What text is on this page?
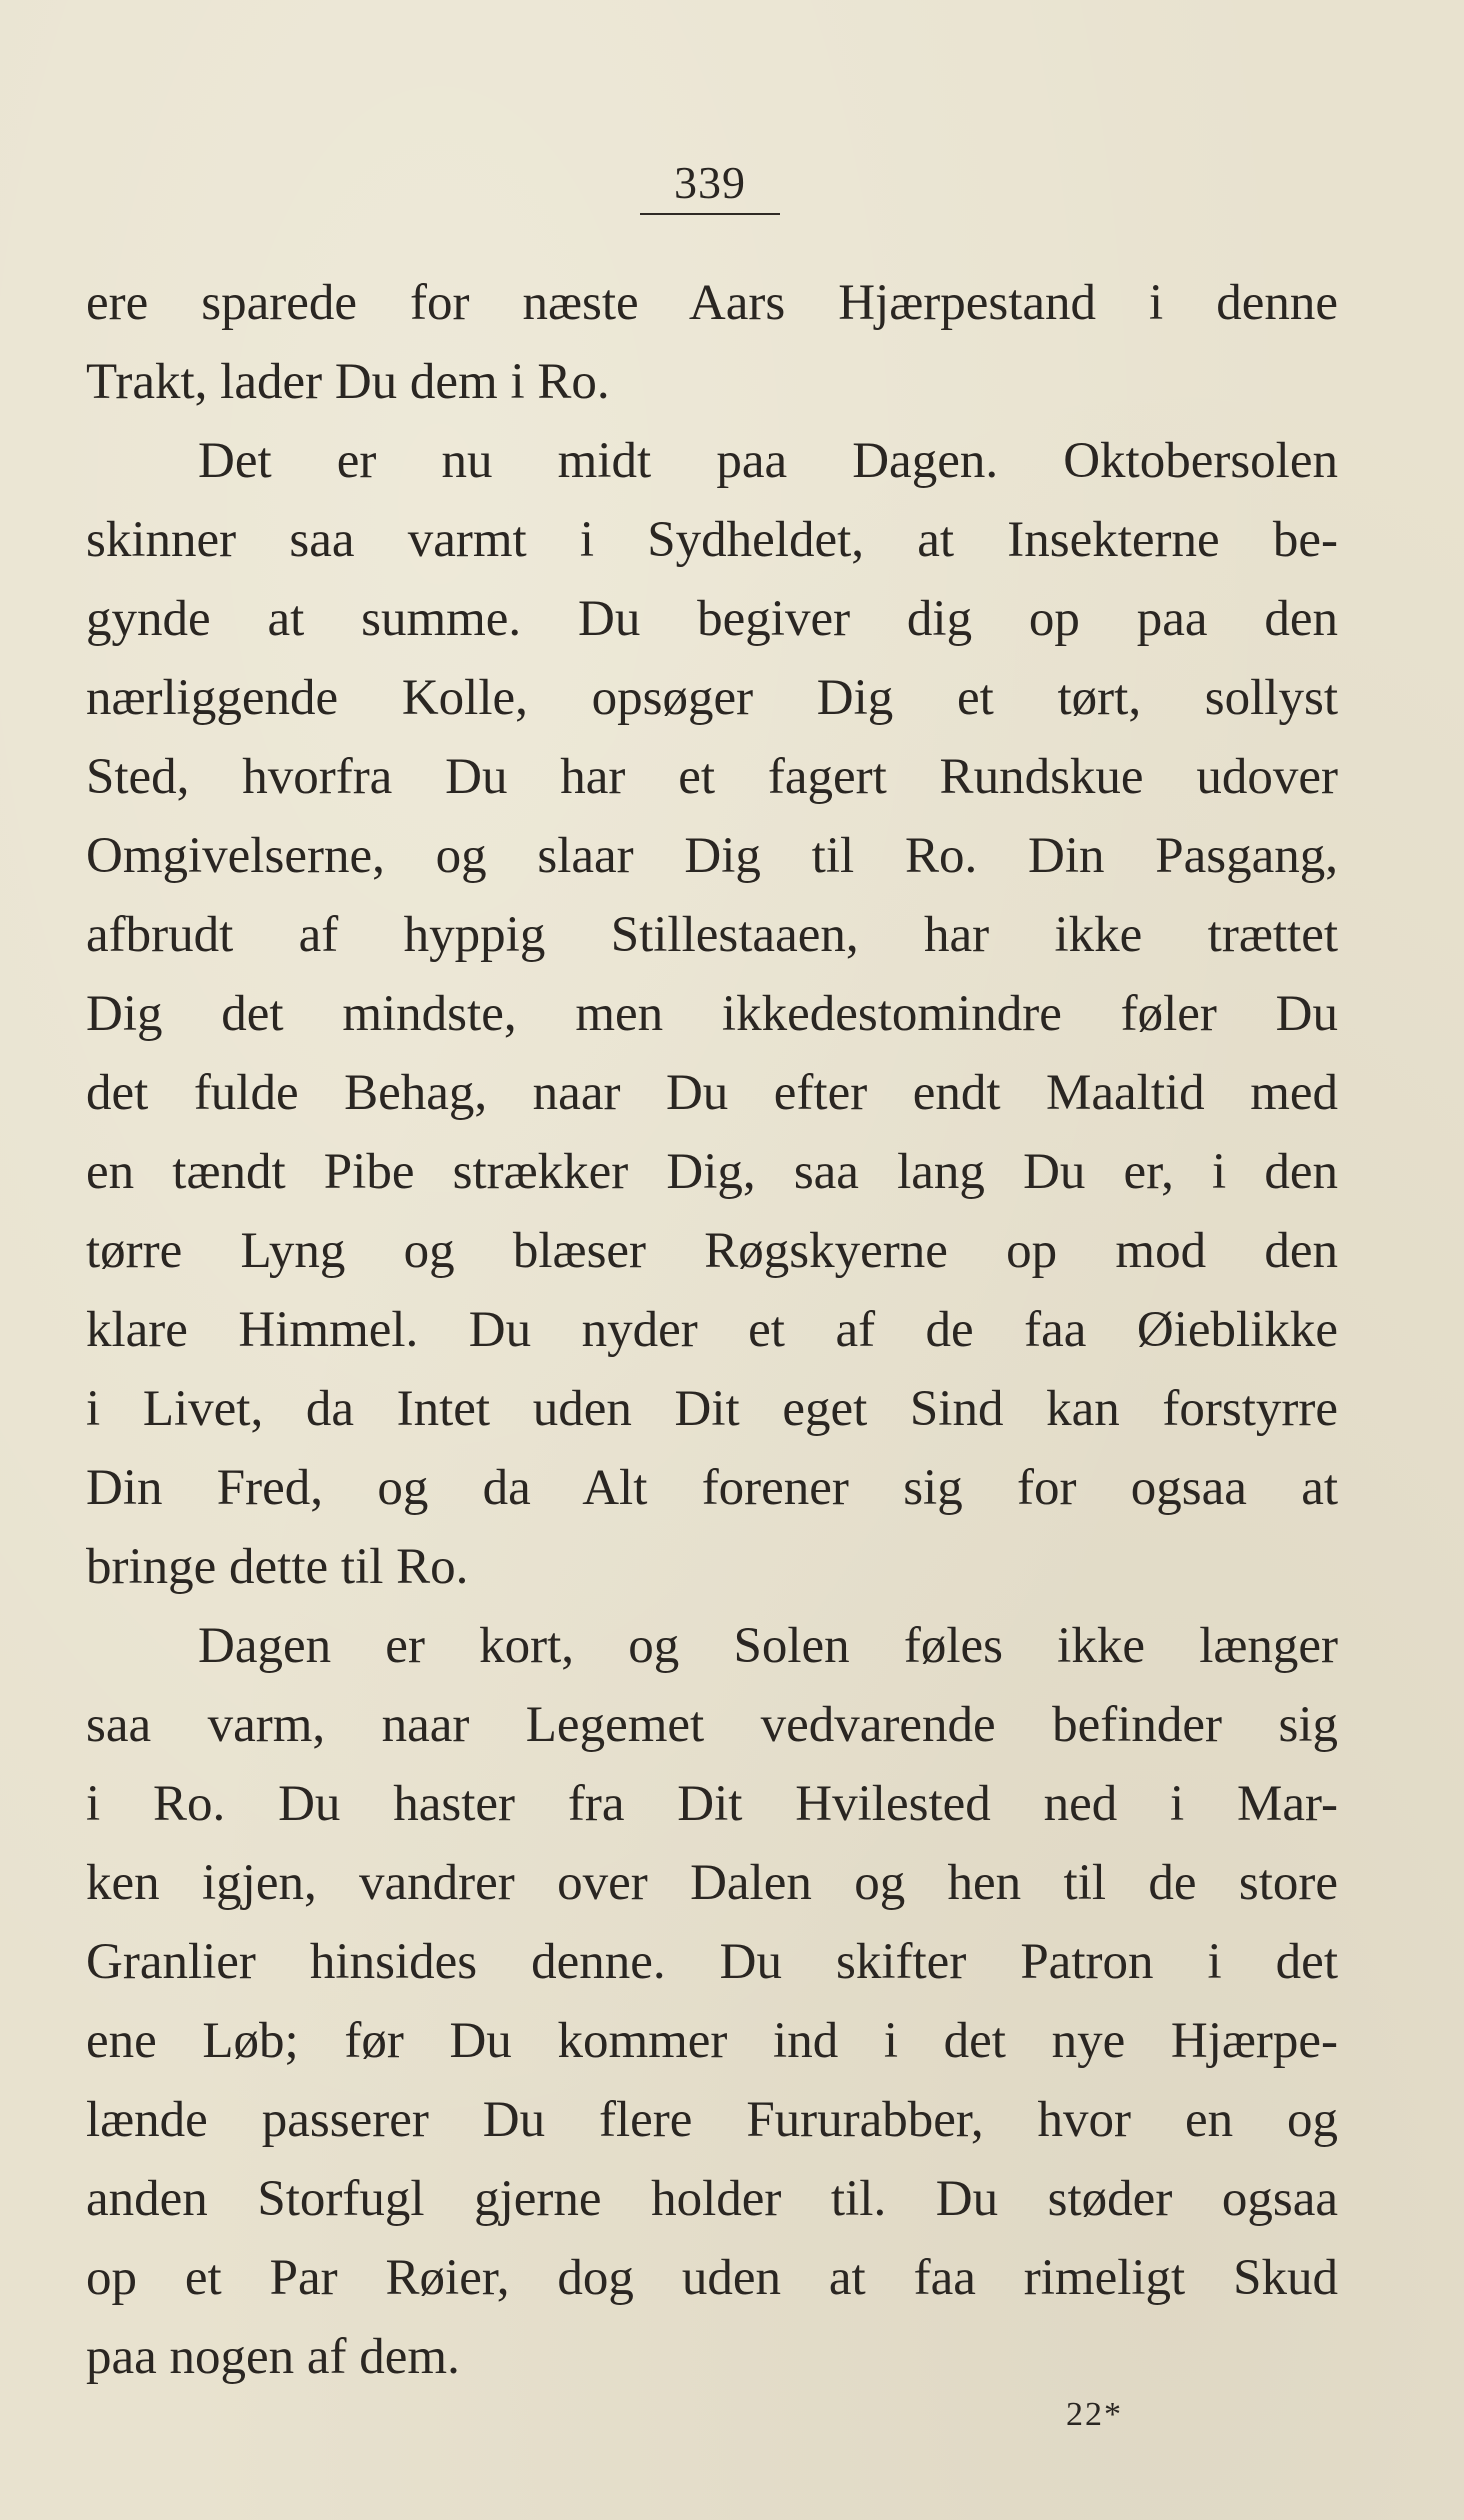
339
ere sparede for næste Aars Hjærpestand i denne
Trakt, lader Du dem i Ro.
Det er nu midt paa Dagen. Oktobersolen
skinner saa varmt i Sydheldet, at Insekterne be-
gynde at summe. Du begiver dig op paa den
nærliggende Kolle, opsøger Dig et tørt, sollyst
Sted, hvorfra Du har et fagert Rundskue udover
Omgivelserne, og slaar Dig til Ro. Din Pasgang,
afbrudt af hyppig Stillestaaen, har ikke trættet
Dig det mindste, men ikkedestomindre føler Du
det fulde Behag, naar Du efter endt Maaltid med
en tændt Pibe strækker Dig, saa lang Du er, i den
tørre Lyng og blæser Røgskyerne op mod den
klare Himmel. Du nyder et af de faa Øieblikke
i Livet, da Intet uden Dit eget Sind kan forstyrre
Din Fred, og da Alt forener sig for ogsaa at
bringe dette til Ro.
Dagen er kort, og Solen føles ikke længer
saa varm, naar Legemet vedvarende befinder sig
i Ro. Du haster fra Dit Hvilested ned i Mar-
ken igjen, vandrer over Dalen og hen til de store
Granlier hinsides denne. Du skifter Patron i det
ene Løb; før Du kommer ind i det nye Hjærpe-
lænde passerer Du flere Fururabber, hvor en og
anden Storfugl gjerne holder til. Du støder ogsaa
op et Par Røier, dog uden at faa rimeligt Skud
paa nogen af dem.
22*
